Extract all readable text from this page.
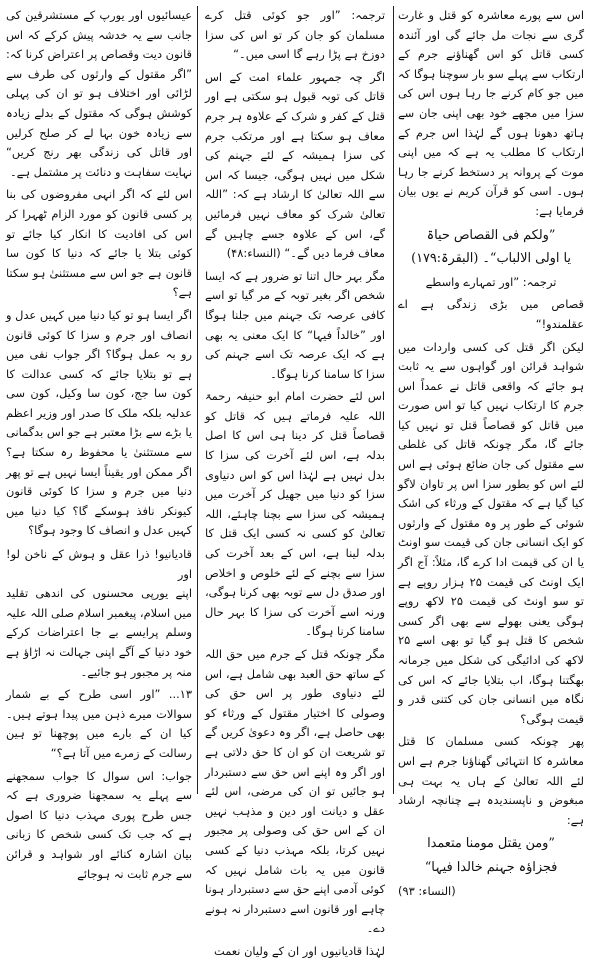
اس سے پورے معاشرہ کو قتل و غارت گری سے نجات مل جائے گی اور آئندہ کسی قاتل کو اس گھناؤنے جرم کے ارتکاب سے پہلے سو بار سوچنا ہوگا کہ میں جو کام کرنے جا رہا ہوں اس کی سزا میں مجھے خود بھی اپنی جان سے ہاتھ دھونا ہوں گے لہٰذا اس جرم کے ارتکاب کا مطلب یہ ہے کہ میں اپنی موت کے پروانہ پر دستخط کرنے جا رہا ہوں۔ اسی کو قرآن کریم نے یوں بیان فرمایا ہے:

”ولکم فی القصاص حیاۃ
یا اولی الالباب“۔ (البقرۃ:۱۷۹)

ترجمہ: ”اور تمہارے واسطے

قصاص میں بڑی زندگی ہے اے عقلمندو!“

لیکن اگر قتل کی کسی واردات میں شواہد قرائن اور گواہوں سے یہ ثابت ہو جائے کہ واقعی قاتل نے عمداً اس جرم کا ارتکاب نہیں کیا تو اس صورت میں قاتل کو قصاصاً قتل تو نہیں کیا جائے گا، مگر چونکہ قاتل کی غلطی سے مقتول کی جان ضائع ہوئی ہے اس لئے اس کو بطور سزا اس پر تاوان لاگو کیا گیا ہے کہ مقتول کے ورثاء کی اشک شوئی کے طور پر وہ مقتول کے وارثوں کو ایک انسانی جان کی قیمت سو اونٹ یا ان کی قیمت ادا کرے گا، مثلاً: آج اگر ایک اونٹ کی قیمت ۲۵ ہزار روپے ہے تو سو اونٹ کی قیمت ۲۵ لاکھ روپے ہوگی یعنی بھولے سے بھی اگر کسی شخص کا قتل ہو گیا تو بھی اسے ۲۵ لاکھ کی ادائیگی کی شکل میں جرمانہ بھگتنا ہوگا، اب بتلایا جائے کہ اس کی نگاہ میں انسانی جان کی کتنی قدر و قیمت ہوگی؟

پھر چونکہ کسی مسلمان کا قتل معاشرہ کا انتہائی گھناؤنا جرم ہے اس لئے اللہ تعالیٰ کے ہاں یہ بہت ہی مبغوض و ناپسندیدہ ہے چنانچہ ارشاد ہے:

”ومن یقتل مومنا متعمدا
فجزاؤہ جہنم خالدا فیہا“

(النساء: ۹۳)

ترجمہ: ”اور جو کوئی قتل کرے مسلمان کو جان کر تو اس کی سزا دوزخ ہے پڑا رہے گا اسی میں۔“

اگر چہ جمہور علماء امت کے اس قاتل کی توبہ قبول ہو سکتی ہے اور قتل کے کفر و شرک کے علاوہ ہر جرم معاف ہو سکتا ہے اور مرتکب جرم کی سزا ہمیشہ کے لئے جہنم کی شکل میں نہیں ہوگی، جیسا کہ اس سے اللہ تعالیٰ کا ارشاد ہے کہ: ”اللہ تعالیٰ شرک کو معاف نہیں فرمائیں گے، اس کے علاوہ جسے چاہیں گے معاف فرما دیں گے۔“ (النساء:۴۸)

مگر بہر حال اتنا تو ضرور ہے کہ ایسا شخص اگر بغیر توبہ کے مر گیا تو اسے کافی عرصہ تک جہنم میں جلنا ہوگا اور ”خالداً فیہا“ کا ایک معنی یہ بھی ہے کہ ایک عرصہ تک اسے جہنم کی سزا کا سامنا کرنا ہوگا۔

اس لئے حضرت امام ابو حنیفہ رحمۃ اللہ علیہ فرماتے ہیں کہ قاتل کو قصاصاً قتل کر دینا ہی اس کا اصل بدلہ ہے، اس لئے آخرت کی سزا کا بدل نہیں ہے لہٰذا اس کو اس دنیاوی سزا کو دنیا میں جھیل کر آخرت میں ہمیشہ کی سزا سے بچنا چاہئے، اللہ تعالیٰ کو کسی نہ کسی ایک قتل کا بدلہ لینا ہے، اس کے بعد آخرت کی سزا سے بچنے کے لئے خلوص و اخلاص اور صدق دل سے توبہ بھی کرنا ہوگی، ورنہ اسے آخرت کی سزا کا بہر حال سامنا کرنا ہوگا۔

مگر چونکہ قتل کے جرم میں حق اللہ کے ساتھ حق العبد بھی شامل ہے، اس لئے دنیاوی طور پر اس حق کی وصولی کا اختیار مقتول کے ورثاء کو بھی حاصل ہے، اگر وہ دعویٰ کریں گے تو شریعت ان کو ان کا حق دلاتی ہے اور اگر وہ اپنے اس حق سے دستبردار ہو جائیں تو ان کی مرضی، اس لئے عقل و دیانت اور دین و مذہب نہیں ان کے اس حق کی وصولی پر مجبور نہیں کرتا، بلکہ مہذب دنیا کے کسی قانون میں یہ بات شامل نہیں کہ کوئی آدمی اپنے حق سے دستبردار ہونا چاہے اور قانون اسے دستبردار نہ ہونے دے۔

لہٰذا قادیانیوں اور ان کے ولیان نعمت

عیسائیوں اور یورپ کے مستشرقین کی جانب سے یہ خدشہ پیش کرکے کہ اس قانون دیت وقصاص پر اعتراض کرنا کہ: ”اگر مقتول کے وارثوں کی طرف سے لڑائی اور اختلاف ہو تو ان کی پہلی کوشش ہوگی کہ مقتول کے بدلے زیادہ سے زیادہ خون بہا لے کر صلح کرلیں اور قاتل کی زندگی بھر رنج کریں“ نہایت سفاہت و دنائت پر مشتمل ہے۔

اس لئے کہ اگر انہی مفروضوں کی بنا پر کسی قانون کو مورد الزام ٹھہرا کر اس کی افادیت کا انکار کیا جائے تو کوئی بتلا یا جائے کہ دنیا کا کون سا قانون ہے جو اس سے مستثنیٰ ہو سکتا ہے؟

اگر ایسا ہو تو کیا دنیا میں کہیں عدل و انصاف اور جرم و سزا کا کوئی قانون رو بہ عمل ہوگا؟ اگر جواب نفی میں ہے تو بتلایا جائے کہ کسی عدالت کا کون سا جج، کون سا وکیل، کون سی عدلیہ بلکہ ملک کا صدر اور وزیر اعظم یا بڑے سے بڑا معتبر ہے جو اس بدگمانی سے مستثنیٰ یا محفوظ رہ سکتا ہے؟ اگر ممکن اور یقیناً ایسا نہیں ہے تو پھر دنیا میں جرم و سزا کا کوئی قانون کیونکر نافذ ہوسکے گا؟ کیا دنیا میں کہیں عدل و انصاف کا وجود ہوگا؟

قادیانیو! ذرا عقل و ہوش کے ناخن لو! اور

اپنے یورپی محسنوں کی اندھی تقلید میں اسلام، پیغمبر اسلام صلی اللہ علیہ وسلم پرایسے بے جا اعتراضات کرکے خود دنیا کے آگے اپنی جہالت نہ اڑاؤ ہے منہ پر مجبور ہو جائیے۔

۱۳... ”اور اسی طرح کے بے شمار سوالات میرے ذہن میں پیدا ہوتے ہیں۔ کیا ان کے بارے میں پوچھنا تو ہین رسالت کے زمرے میں آتا ہے؟“

جواب: اس سوال کا جواب سمجھنے سے پہلے یہ سمجھنا ضروری ہے کہ جس طرح پوری مہذب دنیا کا اصول ہے کہ جب تک کسی شخص کا زبانی بیان اشارہ کنائے اور شواہد و قرائن سے جرم ثابت نہ ہوجائے
